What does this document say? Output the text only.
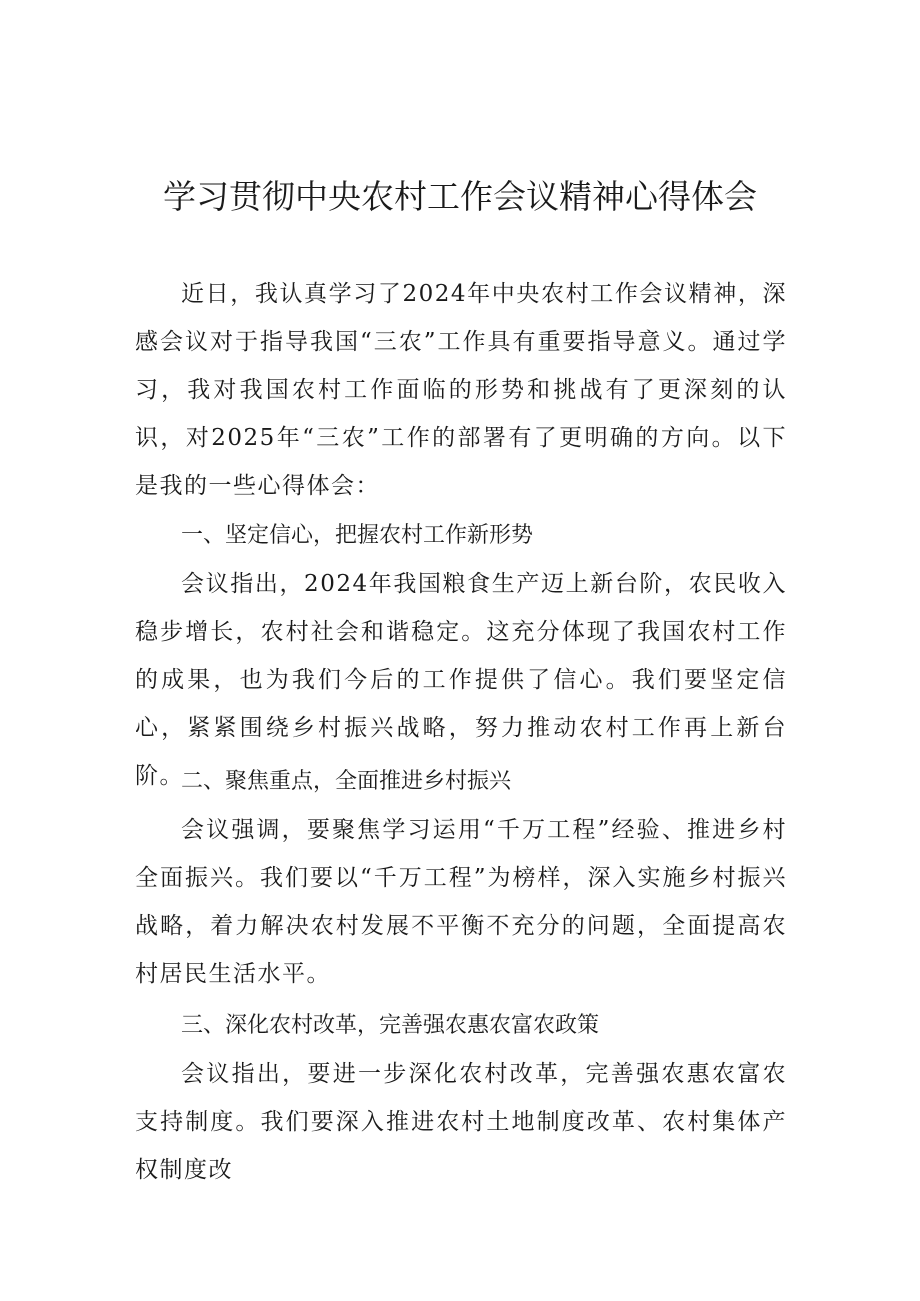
学习贯彻中央农村工作会议精神心得体会

近日，我认真学习了2024年中央农村工作会议精神，深感会议对于指导我国“三农”工作具有重要指导意义。通过学习，我对我国农村工作面临的形势和挑战有了更深刻的认识，对2025年“三农”工作的部署有了更明确的方向。以下是我的一些心得体会：

一、坚定信心，把握农村工作新形势

会议指出，2024年我国粮食生产迈上新台阶，农民收入稳步增长，农村社会和谐稳定。这充分体现了我国农村工作的成果，也为我们今后的工作提供了信心。我们要坚定信心，紧紧围绕乡村振兴战略，努力推动农村工作再上新台阶。

二、聚焦重点，全面推进乡村振兴

会议强调，要聚焦学习运用“千万工程”经验、推进乡村全面振兴。我们要以“千万工程”为榜样，深入实施乡村振兴战略，着力解决农村发展不平衡不充分的问题，全面提高农村居民生活水平。

三、深化农村改革，完善强农惠农富农政策

会议指出，要进一步深化农村改革，完善强农惠农富农支持制度。我们要深入推进农村土地制度改革、农村集体产权制度改
